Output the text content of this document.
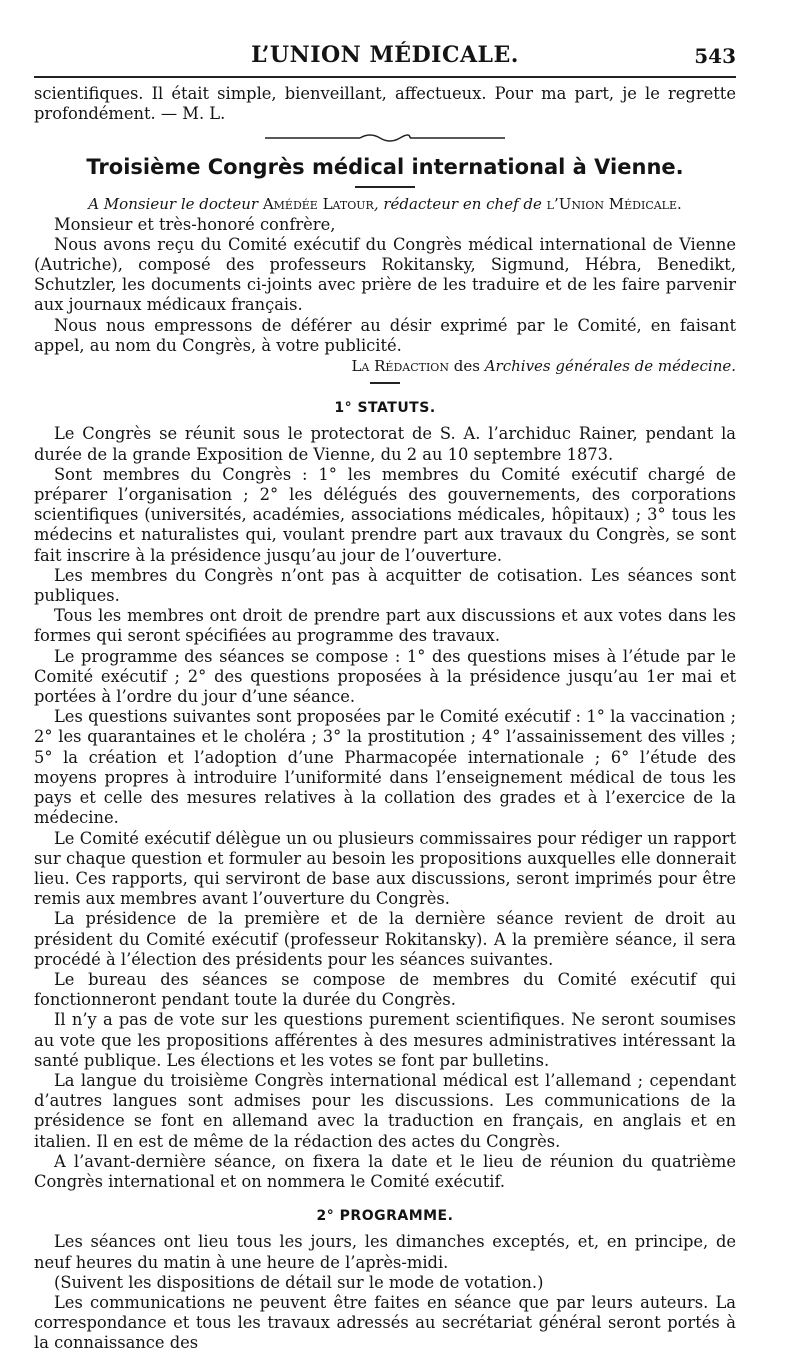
L’UNION MÉDICALE.	543

scientifiques. Il était simple, bienveillant, affectueux. Pour ma part, je le regrette profondément. — M. L.

Troisième Congrès médical international à Vienne.

A Monsieur le docteur Amédée Latour, rédacteur en chef de l’Union Médicale.

Monsieur et très-honoré confrère,

Nous avons reçu du Comité exécutif du Congrès médical international de Vienne (Autriche), composé des professeurs Rokitansky, Sigmund, Hébra, Benedikt, Schutzler, les documents ci-joints avec prière de les traduire et de les faire parvenir aux journaux médicaux français.

Nous nous empressons de déférer au désir exprimé par le Comité, en faisant appel, au nom du Congrès, à votre publicité.

La Rédaction des Archives générales de médecine.

1° STATUTS.

Le Congrès se réunit sous le protectorat de S. A. l’archiduc Rainer, pendant la durée de la grande Exposition de Vienne, du 2 au 10 septembre 1873.

Sont membres du Congrès : 1° les membres du Comité exécutif chargé de préparer l’organisation ; 2° les délégués des gouvernements, des corporations scientifiques (universités, académies, associations médicales, hôpitaux) ; 3° tous les médecins et naturalistes qui, voulant prendre part aux travaux du Congrès, se sont fait inscrire à la présidence jusqu’au jour de l’ouverture.

Les membres du Congrès n’ont pas à acquitter de cotisation. Les séances sont publiques.

Tous les membres ont droit de prendre part aux discussions et aux votes dans les formes qui seront spécifiées au programme des travaux.

Le programme des séances se compose : 1° des questions mises à l’étude par le Comité exécutif ; 2° des questions proposées à la présidence jusqu’au 1er mai et portées à l’ordre du jour d’une séance.

Les questions suivantes sont proposées par le Comité exécutif : 1° la vaccination ; 2° les quarantaines et le choléra ; 3° la prostitution ; 4° l’assainissement des villes ; 5° la création et l’adoption d’une Pharmacopée internationale ; 6° l’étude des moyens propres à introduire l’uniformité dans l’enseignement médical de tous les pays et celle des mesures relatives à la collation des grades et à l’exercice de la médecine.

Le Comité exécutif délègue un ou plusieurs commissaires pour rédiger un rapport sur chaque question et formuler au besoin les propositions auxquelles elle donnerait lieu. Ces rapports, qui serviront de base aux discussions, seront imprimés pour être remis aux membres avant l’ouverture du Congrès.

La présidence de la première et de la dernière séance revient de droit au président du Comité exécutif (professeur Rokitansky). A la première séance, il sera procédé à l’élection des présidents pour les séances suivantes.

Le bureau des séances se compose de membres du Comité exécutif qui fonctionneront pendant toute la durée du Congrès.

Il n’y a pas de vote sur les questions purement scientifiques. Ne seront soumises au vote que les propositions afférentes à des mesures administratives intéressant la santé publique. Les élections et les votes se font par bulletins.

La langue du troisième Congrès international médical est l’allemand ; cependant d’autres langues sont admises pour les discussions. Les communications de la présidence se font en allemand avec la traduction en français, en anglais et en italien. Il en est de même de la rédaction des actes du Congrès.

A l’avant-dernière séance, on fixera la date et le lieu de réunion du quatrième Congrès international et on nommera le Comité exécutif.

2° PROGRAMME.

Les séances ont lieu tous les jours, les dimanches exceptés, et, en principe, de neuf heures du matin à une heure de l’après-midi.

(Suivent les dispositions de détail sur le mode de votation.)

Les communications ne peuvent être faites en séance que par leurs auteurs. La correspondance et tous les travaux adressés au secrétariat général seront portés à la connaissance des
